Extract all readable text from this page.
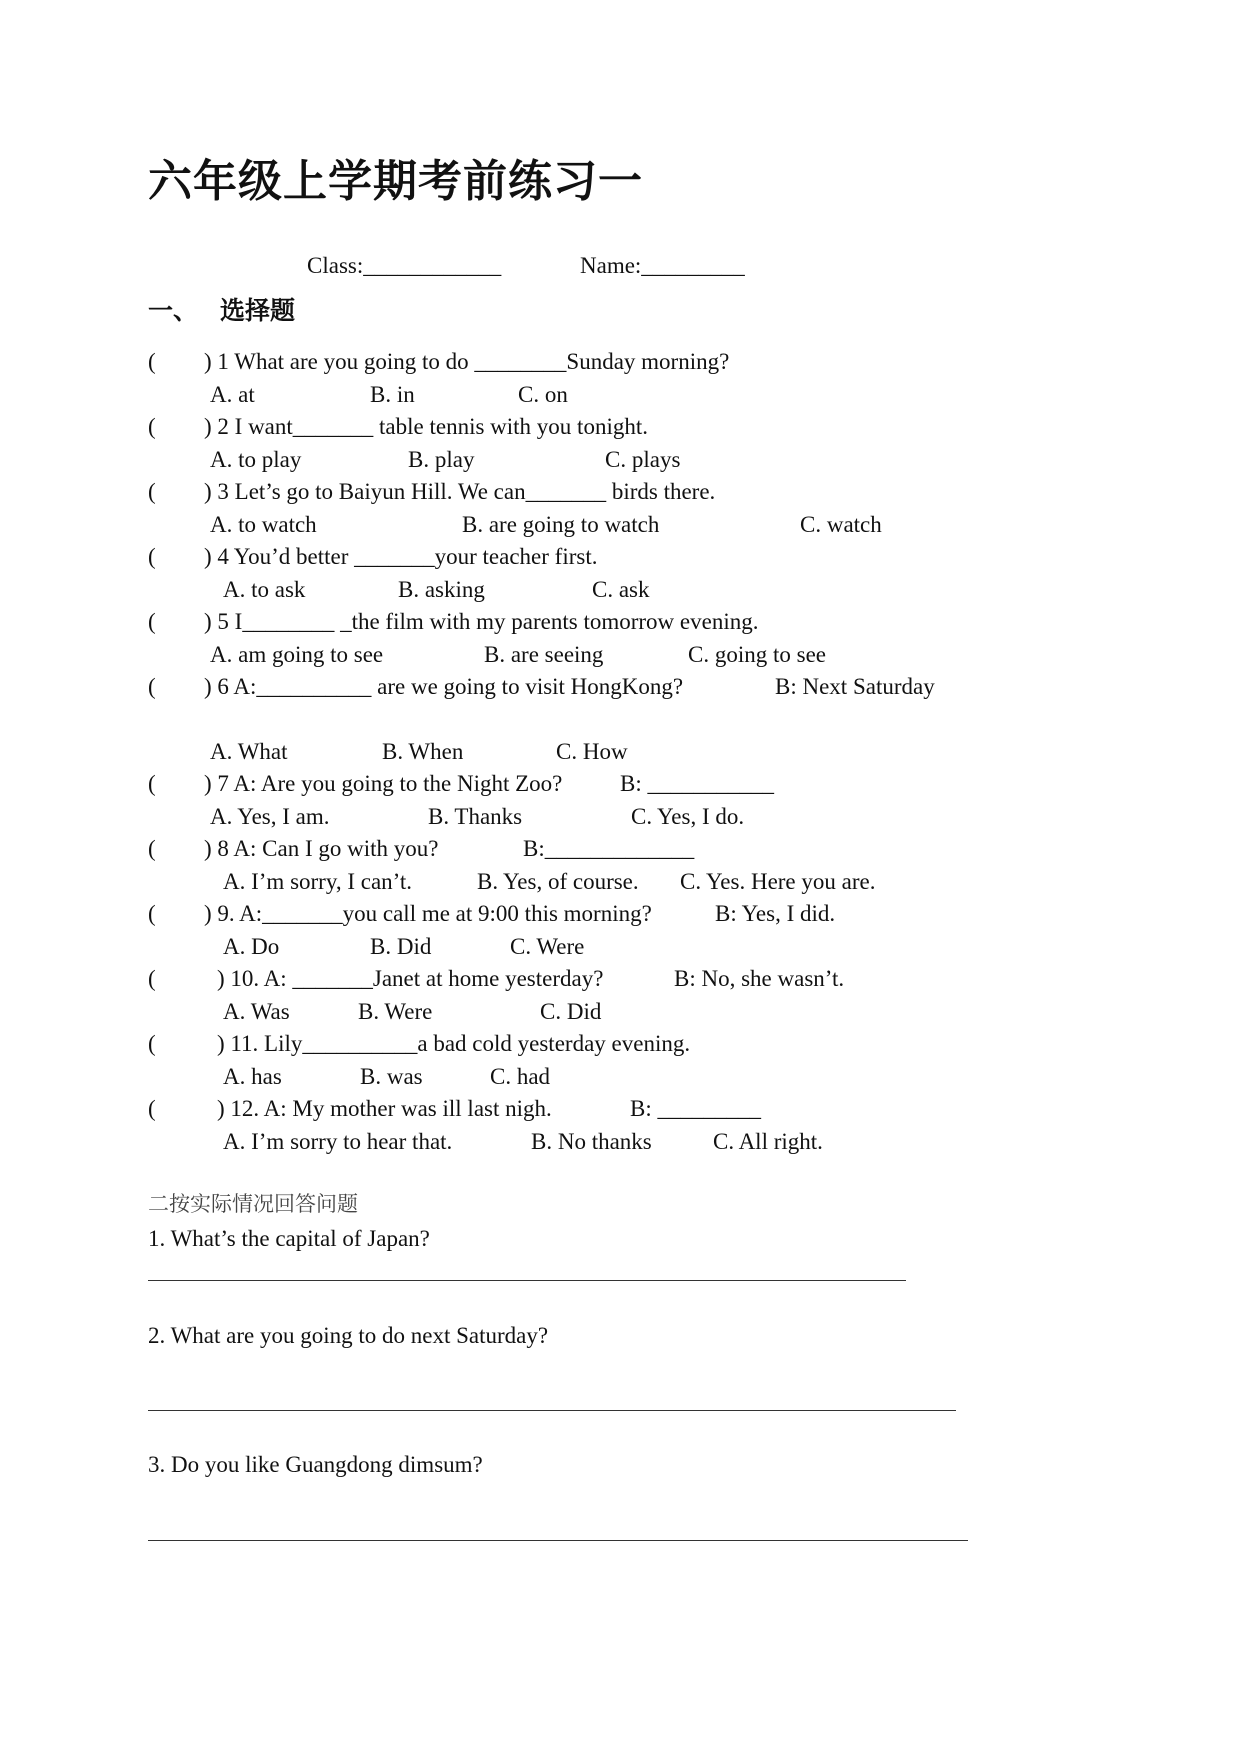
六年级上学期考前练习一
Class:____________	Name:_________
一、 选择题
( ) 1 What are you going to do ________Sunday morning?
A. at	B. in	C. on
( ) 2 I want_______ table tennis with you tonight.
A. to play	B. play	C. plays
( ) 3 Let’s go to Baiyun Hill. We can_______ birds there.
A. to watch	B. are going to watch	C. watch
( ) 4 You’d better _______your teacher first.
A. to ask	B. asking	C. ask
( ) 5 I________ _the film with my parents tomorrow evening.
A. am going to see	B. are seeing	C. going to see
( ) 6 A:__________ are we going to visit HongKong?	B: Next Saturday
A. What	B. When	C. How
( ) 7 A: Are you going to the Night Zoo?	B: ___________
A. Yes, I am.	B. Thanks	C. Yes, I do.
( ) 8 A: Can I go with you?	B:_____________
A. I’m sorry, I can’t.	B. Yes, of course. C. Yes. Here you are.
( ) 9. A:_______you call me at 9:00 this morning?	B: Yes, I did.
A. Do	B. Did	C. Were
(	) 10. A: _______Janet at home yesterday?	B: No, she wasn’t.
A. Was	B. Were	C. Did
(	) 11. Lily__________a bad cold yesterday evening.
A. has	B. was	C. had
(	) 12. A: My mother was ill last nigh.	B: _________
A. I’m sorry to hear that.	B. No thanks	C. All right.
二按实际情况回答问题
1. What’s the capital of Japan?
2. What are you going to do next Saturday?
3. Do you like Guangdong dimsum?
